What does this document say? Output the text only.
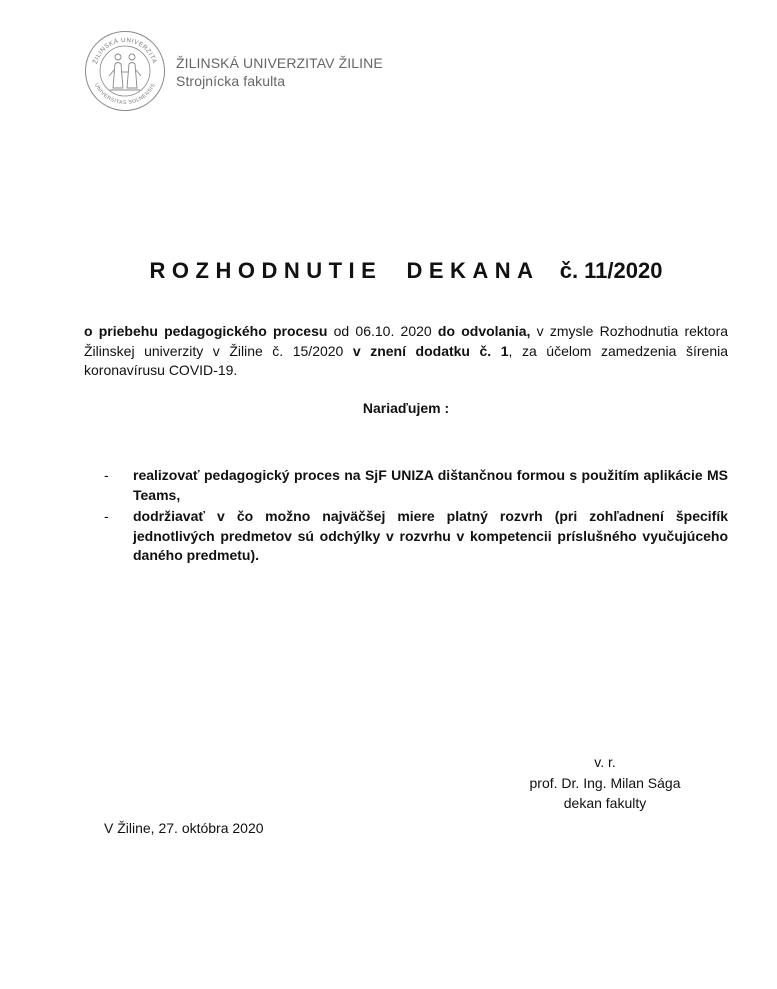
ŽILINSKÁ UNIVERZITA
UNIVERSITAS SOLNENSIS
ŽILINSKÁ UNIVERZITAV ŽILINE
Strojnícka fakulta
ROZHODNUTIE DEKANA č. 11/2020
o priebehu pedagogického procesu od 06.10. 2020 do odvolania, v zmysle Rozhodnutia rektora Žilinskej univerzity v Žiline č. 15/2020 v znení dodatku č. 1, za účelom zamedzenia šírenia koronavírusu COVID-19.
Nariaďujem :
- realizovať pedagogický proces na SjF UNIZA dištančnou formou s použitím aplikácie MS Teams,
- dodržiavať v čo možno najväčšej miere platný rozvrh (pri zohľadnení špecifík jednotlivých predmetov sú odchýlky v rozvrhu v kompetencii príslušného vyučujúceho daného predmetu).
v. r.
prof. Dr. Ing. Milan Sága
dekan fakulty
V Žiline, 27. októbra 2020
